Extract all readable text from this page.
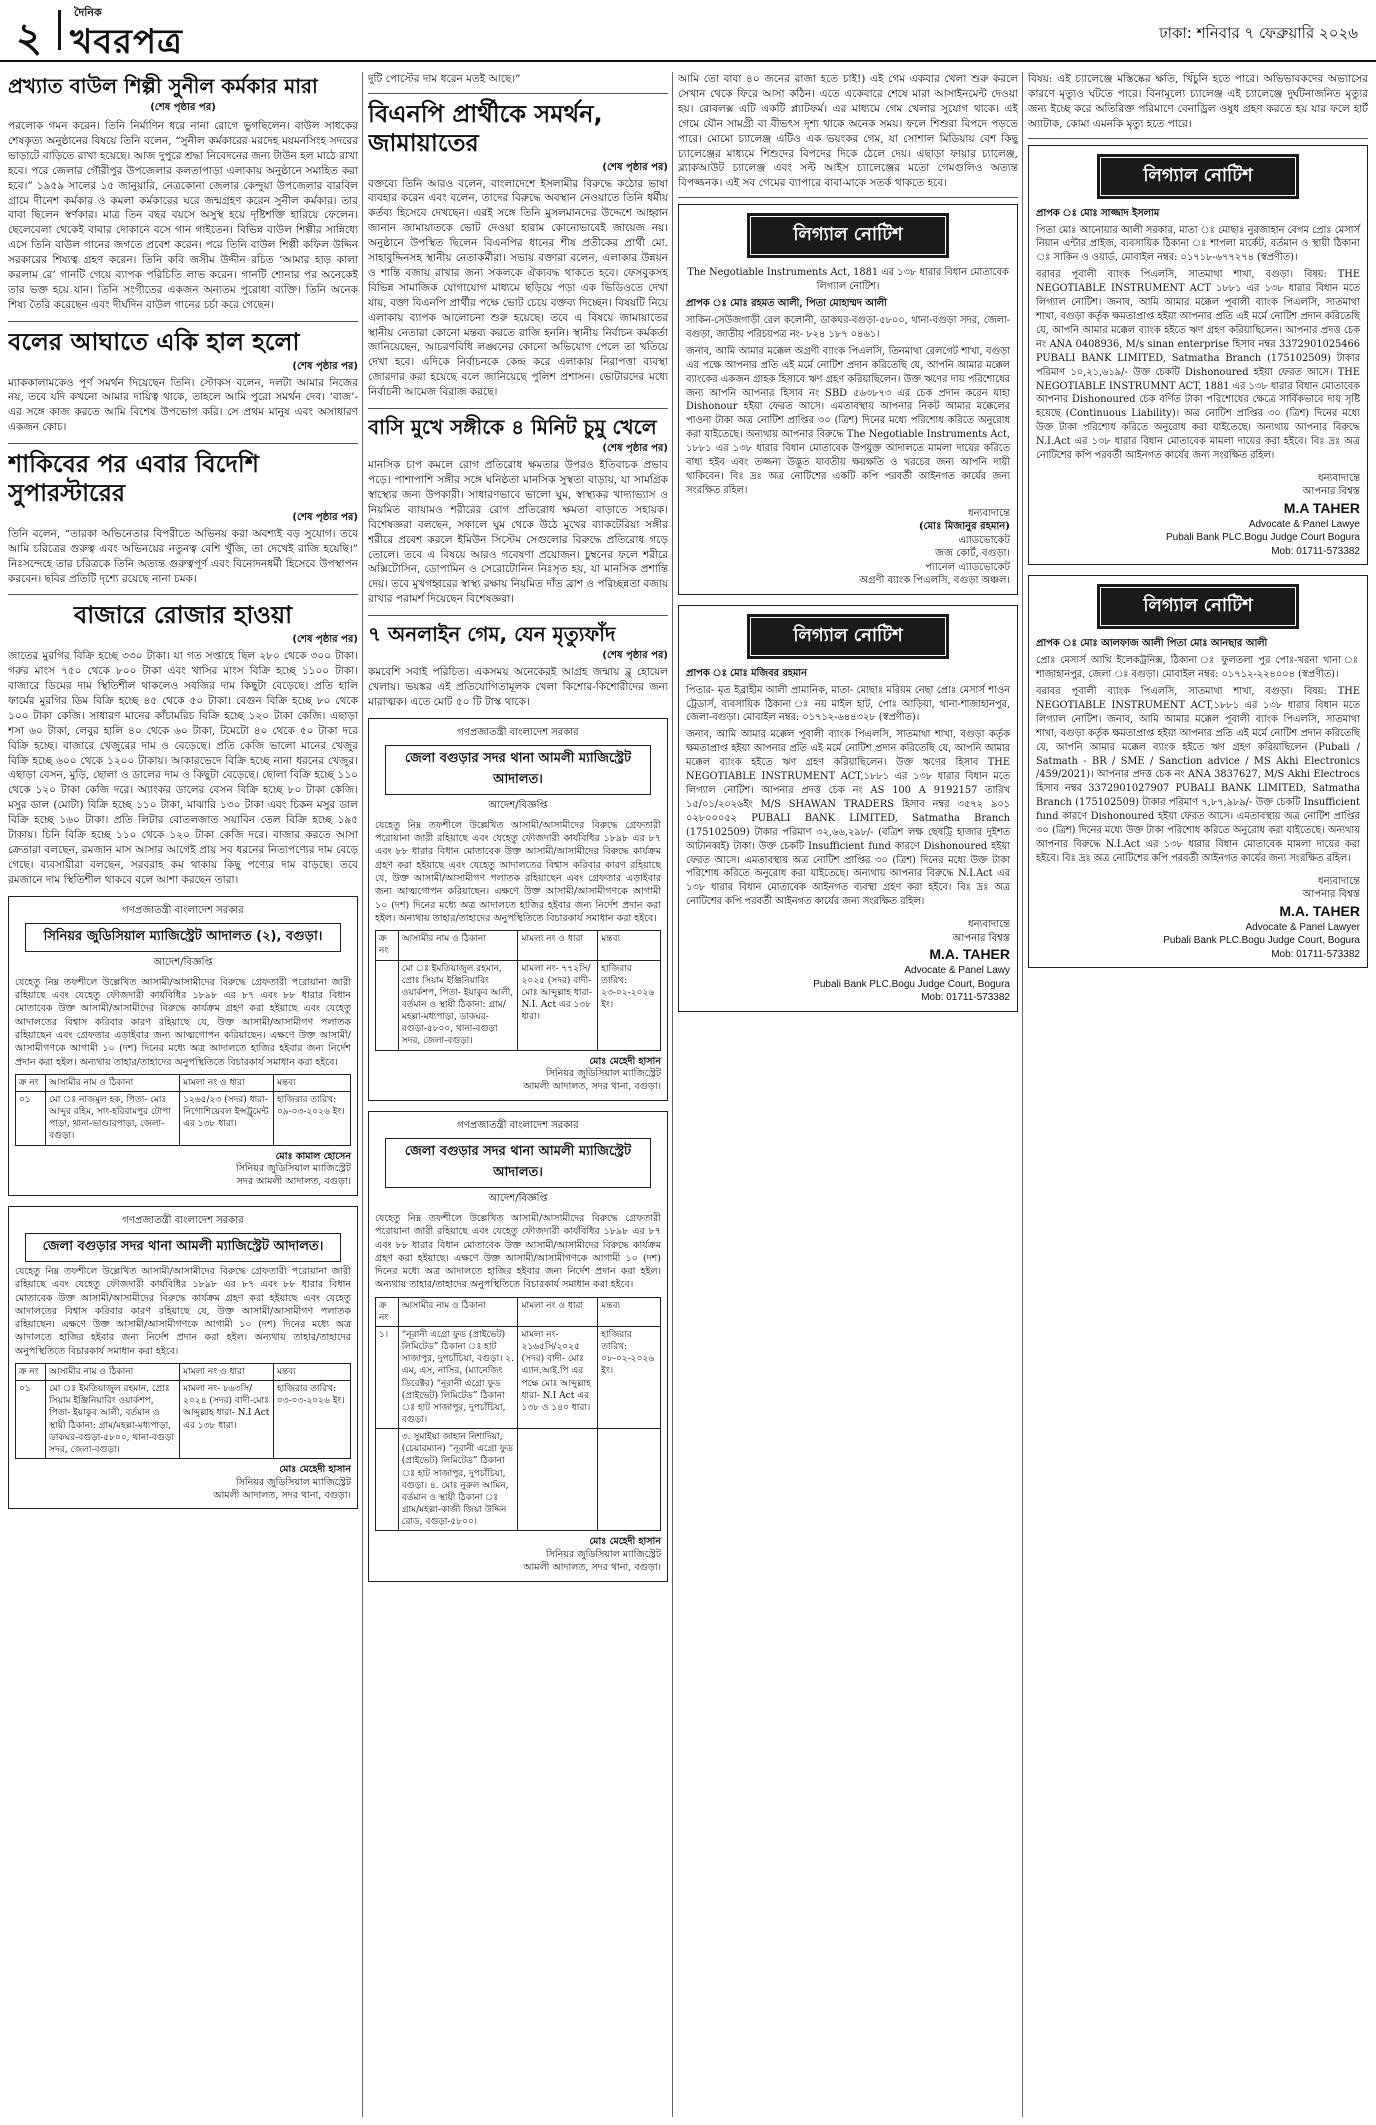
২
দৈনিক
খবরপত্র	ঢাকা: শনিবার ৭ ফেব্রুয়ারি ২০২৬
প্রখ্যাত বাউল শিল্পী সুনীল কর্মকার মারা
(শেষ পৃষ্ঠার পর)

পরলোক গমন করেন। তিনি নির্মাণিন ধরে নানা রোগে ভুগছিলেন। বাউল সাধকের শেষকৃত্য অনুষ্ঠানের বিষয়ে তিনি বলেন, “সুনীল কর্মকারের মরদেহ ময়মনসিংহ সদরের ভাড়াটে বাড়িতে রাখা হয়েছে। আজ দুপুরে শ্রদ্ধা নিবেদনের জন্য টাউন হল মাঠে রাখা হবে। পরে জেলার গৌরীপুর উপজেলার কলতাপাড়া এলাকায় অনুষ্ঠানে সমাহিত করা হবে।” ১৯৫৯ সালের ১৫ জানুয়ারি, নেত্রকোনা জেলার কেন্দুয়া উপজেলার বারবিল গ্রামে দীনেশ কর্মকার ও কমলা কর্মকারের ঘরে জন্মগ্রহণ করেন সুনীল কর্মকার। তার বাবা ছিলেন স্বর্ণকার। মাত্র তিন বছর বয়সে অসুস্থ হয়ে দৃষ্টিশক্তি হারিয়ে ফেলেন। ছেলেবেলা থেকেই বাবার দোকানে বসে গান গাইতেন। বিভিন্ন বাউল শিল্পীর সান্নিধ্যে এসে তিনি বাউল গানের জগতে প্রবেশ করেন। পরে তিনি বাউল শিল্পী কফিল উদ্দিন সরকারের শিষ্যত্ব গ্রহণ করেন। তিনি কবি জসীম উদ্দীন রচিত ‘আমার হাড় কালা করলাম রে’ গানটি গেয়ে ব্যাপক পরিচিতি লাভ করেন। গানটি শোনার পর অনেকেই তার ভক্ত হয়ে যান। তিনি সংগীতের একজন অন্যতম পুরোধা ব্যক্তি। তিনি অনেক শিষ্য তৈরি করেছেন এবং দীর্ঘদিন বাউল গানের চর্চা করে গেছেন।

বলের আঘাতে একি হাল হলো
(শেষ পৃষ্ঠার পর)

ম্যাককালামকেও পূর্ণ সমর্থন দিয়েছেন তিনি। স্টোকস বলেন, দলটা আমার নিজের নয়, তবে যদি কখনো আমার দায়িত্ব থাকে, তাহলে আমি পুরো সমর্থন দেব। ‘বাজ’-এর সঙ্গে কাজ করতে আমি বিশেষ উপভোগ করি। সে প্রথম মানুষ এবং অসাধারণ একজন কোচ।

শাকিবের পর এবার বিদেশি সুপারস্টারের
(শেষ পৃষ্ঠার পর)

তিনি বলেন, “তারকা অভিনেতার বিপরীতে অভিনয় করা অবশ্যই বড় সুযোগ। তবে আমি চরিত্রের গুরুত্ব এবং অভিনয়ের নতুনত্ব বেশি খুঁজি, তা দেখেই রাজি হয়েছি।” নিঃসন্দেহে তার চরিত্রকে তিনি অত্যন্ত গুরুত্বপূর্ণ এবং বিনোদনধর্মী হিসেবে উপস্থাপন করবেন। ছবির প্রতিটি দৃশ্যে রয়েছে নানা চমক।

বাজারে রোজার হাওয়া
(শেষ পৃষ্ঠার পর)

জাতের মুরগির বিক্রি হচ্ছে ৩৩০ টাকা। যা গত সপ্তাহে ছিল ২৮০ থেকে ৩০০ টাকা। গরুর মাংস ৭৫০ থেকে ৮০০ টাকা এবং খাসির মাংস বিক্রি হচ্ছে ১১০০ টাকা। বাজারে ডিমের দাম স্থিতিশীল থাকলেও সবজির দাম কিছুটা বেড়েছে। প্রতি হালি ফার্মের মুরগির ডিম বিক্রি হচ্ছে ৪৫ থেকে ৫০ টাকা। বেগুন বিক্রি হচ্ছে ৮০ থেকে ১০০ টাকা কেজি। সাধারণ মানের কাঁচামরিচ বিক্রি হচ্ছে ১২০ টাকা কেজি। এছাড়া শসা ৬০ টাকা, লেবুর হালি ৪০ থেকে ৬০ টাকা, টমেটো ৪০ থেকে ৫০ টাকা দরে বিক্রি হচ্ছে। বাজারে খেজুরের দাম ও বেড়েছে। প্রতি কেজি ভালো মানের খেজুর বিক্রি হচ্ছে ৬০০ থেকে ১২০০ টাকায়। আকারভেদে বিক্রি হচ্ছে নানা ধরনের খেজুর। এছাড়া বেসন, মুড়ি, ছোলা ও ডালের দাম ও কিছুটা বেড়েছে। ছোলা বিক্রি হচ্ছে ১১০ থেকে ১২০ টাকা কেজি দরে। অ্যাংকর ডালের বেসন বিক্রি হচ্ছে ৮০ টাকা কেজি। মসুর ডাল (মোটা) বিক্রি হচ্ছে ১১০ টাকা, মাঝারি ১৩০ টাকা এবং চিকন মসুর ডাল বিক্রি হচ্ছে ১৬০ টাকা। প্রতি লিটার বোতলজাত সয়াবিন তেল বিক্রি হচ্ছে ১৯৫ টাকায়। চিনি বিক্রি হচ্ছে ১১০ থেকে ১২০ টাকা কেজি দরে। বাজার করতে আসা ক্রেতারা বলছেন, রমজান মাস আসার আগেই প্রায় সব ধরনের নিত্যপণ্যের দাম বেড়ে গেছে। ব্যবসায়ীরা বলছেন, সরবরাহ কম থাকায় কিছু পণ্যের দাম বাড়ছে। তবে রমজানে দাম স্থিতিশীল থাকবে বলে আশা করছেন তারা।

গণপ্রজাতন্ত্রী বাংলাদেশ সরকার
সিনিয়র জুডিসিয়াল ম্যাজিস্ট্রেট আদালত (২), বগুড়া।
আদেশ/বিজ্ঞপ্তি

যেহেতু নিম্ন তফশীলে উল্লেখিত আসামী/আসামীদের বিরুদ্ধে গ্রেফতারী পরোয়ানা জারী রহিয়াছে এবং যেহেতু ফৌজদারী কার্যবিধির ১৮৯৮ এর ৮৭ এবং ৮৮ ধারার বিধান মোতাবেক উক্ত আসামী/আসামীদের বিরুদ্ধে কার্যক্রম গ্রহণ করা হইয়াছে এবং যেহেতু আদালতের বিশ্বাস করিবার কারণ রহিয়াছে যে, উক্ত আসামী/আসামীগণ পলাতক রহিয়াছেন এবং গ্রেফতার এড়াইবার জন্য আত্মগোপন করিয়াছেন। এক্ষণে উক্ত আসামী/আসামীগণকে আগামী ১০ (দশ) দিনের মধ্যে অত্র আদালতে হাজির হইবার জন্য নির্দেশ প্রদান করা হইল। অন্যথায় তাহার/তাহাদের অনুপস্থিতিতে বিচারকার্য সমাধান করা হইবে।

ক্র নং	আসামীর নাম ও ঠিকানা	মামলা নং ও ধারা	মন্তব্য
০১	মো ঃ নাজমুল হক, পিতা- মোঃ আব্দুর রহিম, সাং-হরিরামপুর টোপা পাড়া, থানা-ভাণ্ডারপাড়া, জেলা-বগুড়া।	১২৬৫/২৩ (সদর) ধারা- নিগোশিয়েবল ইন্সট্রুমেন্ট এর ১৩৮ ধারা।	হাজিরার তারিখ: ০৯-০৩-২০২৬ ইং।
মোঃ কামাল হোসেন
সিনিয়র জুডিসিয়াল ম্যাজিস্ট্রেট
সদর আমলী আদালত, বগুড়া।
গণপ্রজাতন্ত্রী বাংলাদেশ সরকার
জেলা বগুড়ার সদর থানা আমলী ম্যাজিস্ট্রেট আদালত।

যেহেতু নিম্ন তফশীলে উল্লেখিত আসামী/আসামীদের বিরুদ্ধে গ্রেফতারী পরোয়ানা জারী রহিয়াছে এবং যেহেতু ফৌজদারী কার্যবিধির ১৮৯৮ এর ৮৭ এবং ৮৮ ধারার বিধান মোতাবেক উক্ত আসামী/আসামীদের বিরুদ্ধে কার্যক্রম গ্রহণ করা হইয়াছে এবং যেহেতু আদালতের বিশ্বাস করিবার কারণ রহিয়াছে যে, উক্ত আসামী/আসামীগণ পলাতক রহিয়াছেন। এক্ষণে উক্ত আসামী/আসামীগণকে আগামী ১০ (দশ) দিনের মধ্যে অত্র আদালতে হাজির হইবার জন্য নির্দেশ প্রদান করা হইল। অন্যথায় তাহার/তাহাদের অনুপস্থিতিতে বিচারকার্য সমাধান করা হইবে।

ক্র নং	আসামীর নাম ও ঠিকানা	মামলা নং ও ধারা	মন্তব্য
০১	মো ঃ ইমতিয়াজুল রহমান, প্রোঃ সিয়াম ইঞ্জিনিয়ারিং ওয়ার্কশপ, পিতা- ইয়াকুব আলী, বর্তমান ও স্থায়ী ঠিকানা: গ্রাম/মহল্লা-মধ্যপাড়া, ডাকঘর-বগুড়া-৫৮০০, থানা-বগুড়া সদর, জেলা-বগুড়া।	মামলা নং- ৮৬৩সি/২০২৪ (সদর) বাদী-মোঃ আব্দুল্লাহ ধারা- N.I Act এর ১৩৮ ধারা।	হাজিরার তারিখ: ০৩-০৩-২০২৬ ইং।
মোঃ মেহেদী হাসান
সিনিয়র জুডিসিয়াল ম্যাজিস্ট্রেট
আমলী আদালত, সদর থানা, বগুড়া।

দুটি পোস্টের দাম ধরেন মতই আছে।”

বিএনপি প্রার্থীকে সমর্থন, জামায়াতের
(শেষ পৃষ্ঠার পর)

বক্তব্যে তিনি আরও বলেন, বাংলাদেশে ইসলামীর বিরুদ্ধে কঠোর ভাষা ব্যবহার করেন এবং বলেন, তাদের বিরুদ্ধে অবস্থান নেওয়াতে তিনি ধর্মীয় কর্তব্য হিসেবে দেখছেন। এরই সঙ্গে তিনি মুসলমানদের উদ্দেশে আহ্বান জানান জামায়াতকে ভোট দেওয়া হারাম কোনোভাবেই জায়েজ নয়। অনুষ্ঠানে উপস্থিত ছিলেন বিএনপির ধানের শীষ প্রতীকের প্রার্থী মো. সাহাবুদ্দিনসহ স্থানীয় নেতাকর্মীরা। সভায় বক্তারা বলেন, এলাকার উন্নয়ন ও শান্তি বজায় রাখার জন্য সকলকে ঐক্যবদ্ধ থাকতে হবে। ফেসবুকসহ বিভিন্ন সামাজিক যোগাযোগ মাধ্যমে ছড়িয়ে পড়া এক ভিডিওতে দেখা যায়, বক্তা বিএনপি প্রার্থীর পক্ষে ভোট চেয়ে বক্তব্য দিচ্ছেন। বিষয়টি নিয়ে এলাকায় ব্যাপক আলোচনা শুরু হয়েছে। তবে এ বিষয়ে জামায়াতের স্থানীয় নেতারা কোনো মন্তব্য করতে রাজি হননি। স্থানীয় নির্বাচন কর্মকর্তা জানিয়েছেন, আচরণবিধি লঙ্ঘনের কোনো অভিযোগ পেলে তা খতিয়ে দেখা হবে। এদিকে নির্বাচনকে কেন্দ্র করে এলাকায় নিরাপত্তা ব্যবস্থা জোরদার করা হয়েছে বলে জানিয়েছে পুলিশ প্রশাসন। ভোটারদের মধ্যে নির্বাচনী আমেজ বিরাজ করছে।

বাসি মুখে সঙ্গীকে ৪ মিনিট চুমু খেলে
(শেষ পৃষ্ঠার পর)

মানসিক চাপ কমলে রোগ প্রতিরোধ ক্ষমতার উপরও ইতিবাচক প্রভাব পড়ে। পাশাপাশি সঙ্গীর সঙ্গে ঘনিষ্ঠতা মানসিক সুস্থতা বাড়ায়, যা সামগ্রিক স্বাস্থ্যের জন্য উপকারী। সাধারণভাবে ভালো ঘুম, স্বাস্থ্যকর খাদ্যাভ্যাস ও নিয়মিত ব্যায়ামও শরীরের রোগ প্রতিরোধ ক্ষমতা বাড়াতে সহায়ক। বিশেষজ্ঞরা বলছেন, সকালে ঘুম থেকে উঠে মুখের ব্যাকটেরিয়া সঙ্গীর শরীরে প্রবেশ করলে ইমিউন সিস্টেম সেগুলোর বিরুদ্ধে প্রতিরোধ গড়ে তোলে। তবে এ বিষয়ে আরও গবেষণা প্রয়োজন। চুম্বনের ফলে শরীরে অক্সিটোসিন, ডোপামিন ও সেরোটোনিন নিঃসৃত হয়, যা মানসিক প্রশান্তি দেয়। তবে মুখগহ্বরের স্বাস্থ্য রক্ষায় নিয়মিত দাঁত ব্রাশ ও পরিচ্ছন্নতা বজায় রাখার পরামর্শ দিয়েছেন বিশেষজ্ঞরা।

৭ অনলাইন গেম, যেন মৃত্যুফাঁদ
(শেষ পৃষ্ঠার পর)

কমবেশি সবাই পরিচিত। একসময় অনেকেরই আগ্রহ জন্মায় ব্লু হোয়েল খেলায়। ভয়ঙ্কর এই প্রতিযোগিতামূলক খেলা কিশোর-কিশোরীদের জন্য মারাত্মক। এতে মোট ৫০ টি টাস্ক থাকে।

গণপ্রজাতন্ত্রী বাংলাদেশ সরকার
জেলা বগুড়ার সদর থানা আমলী ম্যাজিস্ট্রেট আদালত।
আদেশ/বিজ্ঞপ্তি

যেহেতু নিম্ন তফশীলে উল্লেখিত আসামী/আসামীদের বিরুদ্ধে গ্রেফতারী পরোয়ানা জারী রহিয়াছে এবং যেহেতু ফৌজদারী কার্যবিধির ১৮৯৮ এর ৮৭ এবং ৮৮ ধারার বিধান মোতাবেক উক্ত আসামী/আসামীদের বিরুদ্ধে কার্যক্রম গ্রহণ করা হইয়াছে এবং যেহেতু আদালতের বিশ্বাস করিবার কারণ রহিয়াছে যে, উক্ত আসামী/আসামীগণ পলাতক রহিয়াছেন এবং গ্রেফতার এড়াইবার জন্য আত্মগোপন করিয়াছেন। এক্ষণে উক্ত আসামী/আসামীগণকে আগামী ১০ (দশ) দিনের মধ্যে অত্র আদালতে হাজির হইবার জন্য নির্দেশ প্রদান করা হইল। অন্যথায় তাহার/তাহাদের অনুপস্থিতিতে বিচারকার্য সমাধান করা হইবে।

ক্র নং	আসামীর নাম ও ঠিকানা	মামলা নং ও ধারা	মন্তব্য
	মো ঃ ইমতিয়াজুল রহমান, প্রোঃ সিয়াম ইঞ্জিনিয়ারিং ওয়ার্কশপ, পিতা- ইয়াকুব আলী, বর্তমান ও স্থায়ী ঠিকানা: গ্রাম/মহল্লা-মধ্যপাড়া, ডাকঘর-বগুড়া-৫৮০০, থানা-বগুড়া সদর, জেলা-বগুড়া।	মামলা নং- ৭৭২সি/২০২৫ (সদর) বাদী-মোঃ আব্দুল্লাহ ধারা- N.I. Act এর ১৩৮ ধারা।	হাজিরার তারিখ: ২৩-০২-২০২৬ ইং।
মোঃ মেহেদী হাসান
সিনিয়র জুডিসিয়াল ম্যাজিস্ট্রেট
আমলী আদালত, সদর থানা, বগুড়া।
গণপ্রজাতন্ত্রী বাংলাদেশ সরকার
জেলা বগুড়ার সদর থানা আমলী ম্যাজিস্ট্রেট আদালত।
আদেশ/বিজ্ঞপ্তি

যেহেতু নিম্ন তফশীলে উল্লেখিত আসামী/আসামীদের বিরুদ্ধে গ্রেফতারী পরোয়ানা জারী রহিয়াছে এবং যেহেতু ফৌজদারী কার্যবিধির ১৮৯৮ এর ৮৭ এবং ৮৮ ধারার বিধান মোতাবেক উক্ত আসামী/আসামীদের বিরুদ্ধে কার্যক্রম গ্রহণ করা হইয়াছে। এক্ষণে উক্ত আসামী/আসামীগণকে আগামী ১০ (দশ) দিনের মধ্যে অত্র আদালতে হাজির হইবার জন্য নির্দেশ প্রদান করা হইল। অন্যথায় তাহার/তাহাদের অনুপস্থিতিতে বিচারকার্য সমাধান করা হইবে।

ক্র নং	আসামীর নাম ও ঠিকানা	মামলা নং ও ধারা	মন্তব্য
১।	“নূরানী এগ্রো ফুড (প্রাইভেট) লিমিটেড” ঠিকানা ঃ হাট সাজাপুর, দুপচাঁচিয়া, বগুড়া। ২. এম, এস, নাসির, (ম্যানেজিং ডিরেক্টর) “নূরানী এগ্রো ফুড (প্রাইভেট) লিমিটেড” ঠিকানা ঃ হাট সাজাপুর, দুপচাঁচিয়া, বগুড়া।	মামলা নং- ২১৬৫সি/২০২৫ (সদর) বাদী- মোঃ এ্যান.আই.পি এর পক্ষে মোঃ আব্দুল্লাহ ধারা- N.I Act এর ১৩৮ ও ১৪০ ধারা।	হাজিরার তারিখ: ০৮-০২-২০২৬ ইং।
	৩. সুমাইয়া জাহান নিশাদিয়া, (চেয়ারম্যান) “নূরানী এগ্রো ফুড (প্রাইভেট) লিমিটেড” ঠিকানা ঃ হাট সাজাপুর, দুপচাঁচিয়া, বগুড়া। ৪. মোঃ নুরুল আমিন, বর্তমান ও স্থায়ী ঠিকানা ঃ গ্রাম/মহল্লা-কাজী জিয়া উদ্দিন রোড, বগুড়া-৫৮০০।		
মোঃ মেহেদী হাসান
সিনিয়র জুডিসিয়াল ম্যাজিস্ট্রেট
আমলী আদালত, সদর থানা, বগুড়া।

আমি তো বাবা ৪০ জনের রাজা হতে চাই!) এই গেম একবার খেলা শুরু করলে সেখান থেকে ফিরে আসা কঠিন। এতে একেবারে শেষে মারা আসাইনমেন্ট দেওয়া হয়। রোবলক্স এটি একটি প্ল্যাটফর্ম। এর মাধ্যমে গেম খেলার সুযোগ থাকে। এই গেমে যৌন সামগ্রী বা বীভৎস দৃশ্য থাকে অনেক সময়। ফলে শিশুরা বিপদে পড়তে পারে। মোমো চ্যালেঞ্জ এটিও এক ভয়ংকর গেম, যা সোশাল মিডিয়ায় বেশ কিছু চ্যালেঞ্জের মাধ্যমে শিশুদের বিপদের দিকে ঠেলে দেয়। এছাড়া ফায়ার চ্যালেঞ্জ, ব্ল্যাকআউট চ্যালেঞ্জ এবং সল্ট আইস চ্যালেঞ্জের মতো গেমগুলিও অত্যন্ত বিপজ্জনক। এই সব গেমের ব্যাপারে বাবা-মাকে সতর্ক থাকতে হবে।

লিগ্যাল নোটিশ

The Negotiable Instruments Act, 1881 এর ১৩৮ ধারার বিধান মোতাবেক লিগ্যাল নোটিশ।

প্রাপক ঃ মোঃ রহমত আলী, পিতা মোহাম্মদ আলী

সাকিন-সেউজগাড়ী রেল কলোনী, ডাকঘর-বগুড়া-৫৮০০, থানা-বগুড়া সদর, জেলা-বগুড়া, জাতীয় পরিচয়পত্র নং- ৮২৪ ১৮৭ ০৪৬১।

জনাব, আমি আমার মক্কেল অগ্রণী ব্যাংক পিএলসি, তিনমাথা রেলগেট শাখা, বগুড়া এর পক্ষে আপনার প্রতি এই মর্মে নোটিশ প্রদান করিতেছি যে, আপনি আমার মক্কেল ব্যাংকের একজন গ্রাহক হিসাবে ঋণ গ্রহণ করিয়াছিলেন। উক্ত ঋণের দায় পরিশোধের জন্য আপনি আপনার হিসাব নং SBD ৫৬৩৮৭৩ এর চেক প্রদান করেন যাহা Dishonour হইয়া ফেরত আসে। এমতাবস্থায় আপনার নিকট আমার মক্কেলের পাওনা টাকা অত্র নোটিশ প্রাপ্তির ৩০ (ত্রিশ) দিনের মধ্যে পরিশোধ করিতে অনুরোধ করা যাইতেছে। অন্যথায় আপনার বিরুদ্ধে The Negotiable Instruments Act, ১৮৮১ এর ১৩৮ ধারার বিধান মোতাবেক উপযুক্ত আদালতে মামলা দায়ের করিতে বাধ্য হইব এবং তজ্জন্য উদ্ভূত যাবতীয় ক্ষয়ক্ষতি ও খরচের জন্য আপনি দায়ী থাকিবেন। বিঃ দ্রঃ অত্র নোটিশের একটি কপি পরবর্তী আইনগত কার্যের জন্য সংরক্ষিত রহিল।

ধন্যবাদান্তে
(মোঃ মিজানুর রহমান)
এ্যাডভোকেট
জজ কোর্ট, বগুড়া।
প্যানেল এ্যাডভোকেট
অগ্রণী ব্যাংক পিএলসি, বগুড়া অঞ্চল।
লিগ্যাল নোটিশ

প্রাপক ঃ মোঃ মজিবর রহমান

পিতার- মৃত ইব্রাহীম আলী প্রামানিক, মাতা- মোছাঃ মরিয়ম নেছা প্রোঃ মেসার্স শাওন ট্রেডার্স, ব্যবসায়িক ঠিকানা ঃ নয় মাইল হাট, পোঃ আড়িয়া, থানা-শাজাহানপুর, জেলা-বগুড়া। মোবাইল নম্বর: ০১৭১২-৬৪৪৩২৮ (স্বপ্রণীত)।

জনাব, আমি আমার মক্কেল পূবালী ব্যাংক পিএলসি, সাতমাথা শাখা, বগুড়া কর্তৃক ক্ষমতাপ্রাপ্ত হইয়া আপনার প্রতি এই মর্মে নোটিশ প্রদান করিতেছি যে, আপনি আমার মক্কেল ব্যাংক হইতে ঋণ গ্রহণ করিয়াছিলেন। উক্ত ঋণের হিসাব THE NEGOTIABLE INSTRUMENT ACT,১৮৮১ এর ১৩৮ ধারার বিধান মতে লিগ্যাল নোটিশ। আপনার প্রদত্ত চেক নং AS 100 A 9192157 তারিখ ১৫/০১/২০২৬ইং M/S SHAWAN TRADERS হিসাব নম্বর ৩৫৭২ ৯০১ ০২৮০০০৫২ PUBALI BANK LIMITED, Satmatha Branch (175102509) টাকার পরিমাণ ৩২,৬৬,২৯৮/- (বত্রিশ লক্ষ ছেষট্টি হাজার দুইশত আটানব্বই) টাকা। উক্ত চেকটি Insufficient fund কারণে Dishonoured হইয়া ফেরত আসে। এমতাবস্থায় অত্র নোটিশ প্রাপ্তির ৩০ (ত্রিশ) দিনের মধ্যে উক্ত টাকা পরিশোধ করিতে অনুরোধ করা যাইতেছে। অন্যথায় আপনার বিরুদ্ধে N.I.Act এর ১৩৮ ধারার বিধান মোতাবেক আইনগত ব্যবস্থা গ্রহণ করা হইবে। বিঃ দ্রঃ অত্র নোটিশের কপি পরবর্তী আইনগত কার্যের জন্য সংরক্ষিত রহিল।

ধন্যবাদান্তে
আপনার বিশ্বস্ত
M.A. TAHER
Advocate & Panel Lawy
Pubali Bank PLC.Bogu Judge Court, Bogura
Mob: 01711-573382

বিষয়: এই চ্যালেঞ্জে মস্তিষ্কের ক্ষতি, খিঁচুনি হতে পারে। অভিভাবকদের অভ্যাসের কারণে মৃত্যুও ঘটতে পারে। বিনামূল্যে চ্যালেঞ্জ এই চ্যালেঞ্জে দুর্ঘটনাজনিত মৃত্যুর জন্য ইচ্ছে করে অতিরিক্ত পরিমাণে বেনাড্রিল ওষুধ গ্রহণ করতে হয় যার ফলে হার্ট অ্যাটাক, কোমা এমনকি মৃত্যু হতে পারে।

লিগ্যাল নোটিশ

প্রাপক ঃ মোঃ সাজ্জাদ ইসলাম

পিতা মোঃ আনোয়ার আলী সরকার, মাতা ঃ মোছাঃ নুরজাহান বেগম প্রোঃ মেসার্স নিয়ান এন্টার প্রাইজ, ব্যবসায়িক ঠিকানা ঃ শাপলা মার্কেট, বর্তমান ও স্থায়ী ঠিকানা ঃ সাকিন ও ওয়ার্ড, মোবাইল নম্বর: ০১৭১৮-৬৭৭২৭৪ (স্বপ্রণীত)।

বরাবর পূবালী ব্যাংক পিএলসি, সাতমাথা শাখা, বগুড়া। বিষয়: THE NEGOTIABLE INSTRUMENT ACT ১৮৮১ এর ১৩৮ ধারার বিধান মতে লিগ্যাল নোটিশ। জনাব, আমি আমার মক্কেল পূবালী ব্যাংক পিএলসি, সাতমাথা শাখা, বগুড়া কর্তৃক ক্ষমতাপ্রাপ্ত হইয়া আপনার প্রতি এই মর্মে নোটিশ প্রদান করিতেছি যে, আপনি আমার মক্কেল ব্যাংক হইতে ঋণ গ্রহণ করিয়াছিলেন। আপনার প্রদত্ত চেক নং ANA 0408936, M/s sinan enterprise হিসাব নম্বর 3372901025466 PUBALI BANK LIMITED, Satmatha Branch (175102509) টাকার পরিমাণ ১০,২১,৬১৯/- উক্ত চেকটি Dishonoured হইয়া ফেরত আসে। THE NEGOTIABLE INSTRUMNT ACT, 1881 এর ১৩৮ ধারার বিধান মোতাবেক আপনার Dishonoured চেক বর্ণিত টাকা পরিশোধের ক্ষেত্রে সার্বিকভাবে দায় সৃষ্টি হয়েছে (Continuous Liability)। অত্র নোটিশ প্রাপ্তির ৩০ (ত্রিশ) দিনের মধ্যে উক্ত টাকা পরিশোধ করিতে অনুরোধ করা যাইতেছে। অন্যথায় আপনার বিরুদ্ধে N.I.Act এর ১৩৮ ধারার বিধান মোতাবেক মামলা দায়ের করা হইবে। বিঃ দ্রঃ অত্র নোটিশের কপি পরবর্তী আইনগত কার্যের জন্য সংরক্ষিত রহিল।

ধন্যবাদান্তে
আপনার বিশ্বস্ত
M.A TAHER
Advocate & Panel Lawye
Pubali Bank PLC.Bogu Judge Court Bogura
Mob: 01711-573382
লিগ্যাল নোটিশ

প্রাপক ঃ মোঃ আলফাজ আলী পিতা মোঃ আনছার আলী

প্রোঃ মেসার্স আখি ইলেকট্রনিক্স, ঠিকানা ঃ ফুলতলা পুর পোঃ-খরনা থানা ঃ শাজাহানপুর, জেলা ঃ বগুড়া। মোবাইল নম্বর: ০১৭১২-২২৪০০৪ (স্বপ্রণীত)।

বরাবর পূবালী ব্যাংক পিএলসি, সাতমাথা শাখা, বগুড়া। বিষয়: THE NEGOTIABLE INSTRUMENT ACT,১৮৮১ এর ১৩৮ ধারার বিধান মতে লিগ্যাল নোটিশ। জনাব, আমি আমার মক্কেল পূবালী ব্যাংক পিএলসি, সাতমাথা শাখা, বগুড়া কর্তৃক ক্ষমতাপ্রাপ্ত হইয়া আপনার প্রতি এই মর্মে নোটিশ প্রদান করিতেছি যে, আপনি আমার মক্কেল ব্যাংক হইতে ঋণ গ্রহণ করিয়াছিলেন (Pubali / Satmath - BR / SME / Sanction advice / MS Akhi Electronics /459/2021)। আপনার প্রদত্ত চেক নং ANA 3837627, M/S Akhi Electrocs হিসাব নম্বর 3372901027907 PUBALI BANK LIMITED, Satmatha Branch (175102509) টাকার পরিমাণ ৭,৮৭,৯৮৯/- উক্ত চেকটি Insufficient fund কারণে Dishonoured হইয়া ফেরত আসে। এমতাবস্থায় অত্র নোটিশ প্রাপ্তির ৩০ (ত্রিশ) দিনের মধ্যে উক্ত টাকা পরিশোধ করিতে অনুরোধ করা যাইতেছে। অন্যথায় আপনার বিরুদ্ধে N.I.Act এর ১৩৮ ধারার বিধান মোতাবেক মামলা দায়ের করা হইবে। বিঃ দ্রঃ অত্র নোটিশের কপি পরবর্তী আইনগত কার্যের জন্য সংরক্ষিত রহিল।

ধন্যবাদান্তে
আপনার বিশ্বস্ত
M.A. TAHER
Advocate & Panel Lawyer
Pubali Bank PLC.Bogu Judge Court, Bogura
Mob: 01711-573382
